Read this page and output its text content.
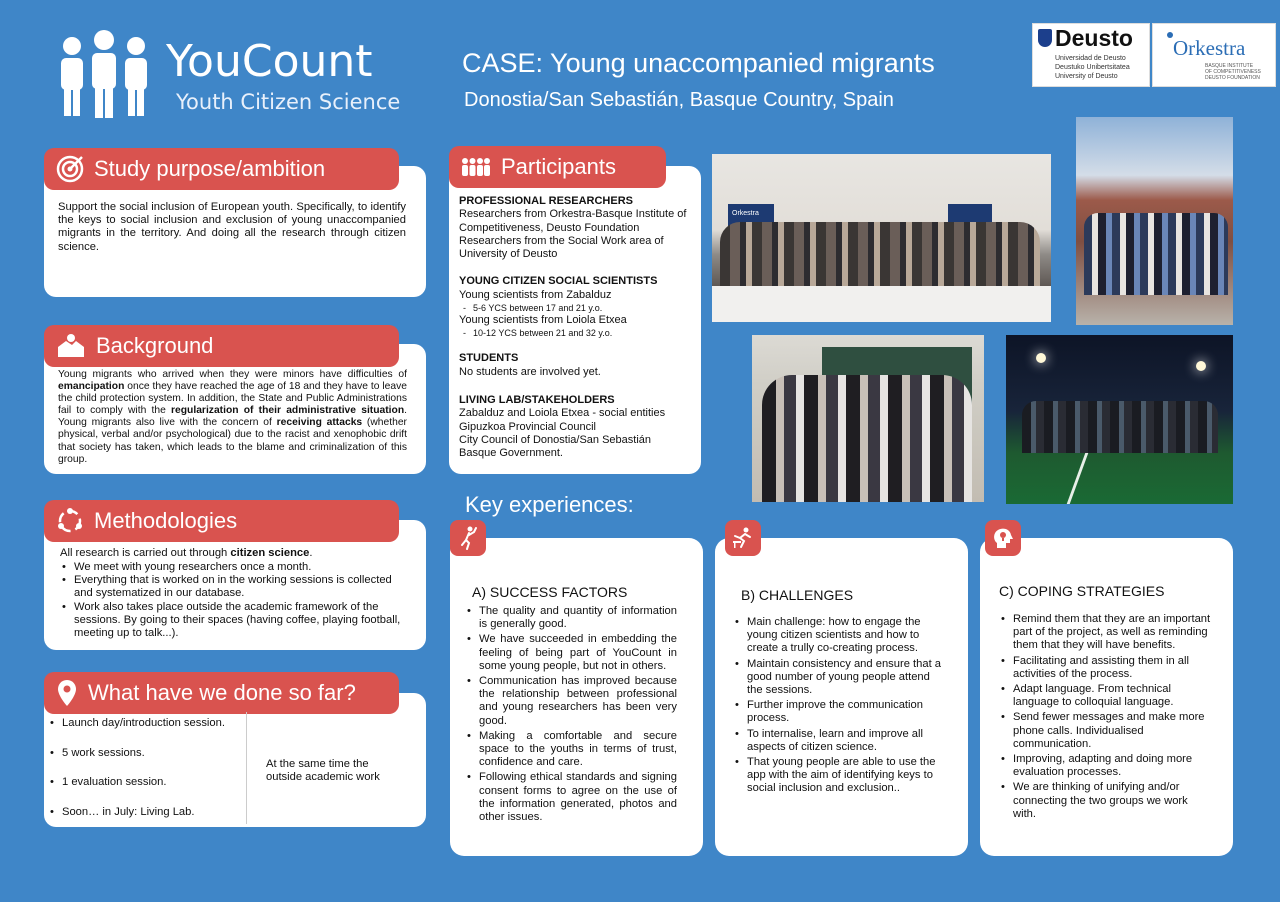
YouCount
Youth Citizen Science
CASE: Young unaccompanied migrants
Donostia/San Sebastián, Basque Country, Spain
Deusto
Universidad de Deusto
Deustuko Unibertsitatea
University of Deusto
Orkestra
BASQUE INSTITUTE
OF COMPETITIVENESS
DEUSTO FOUNDATION
Study purpose/ambition
Support the social inclusion of European youth. Specifically, to identify the keys to social inclusion and exclusion of young unaccompanied migrants in the territory. And doing all the research through citizen science.
Background
Young migrants who arrived when they were minors have difficulties of emancipation once they have reached the age of 18 and they have to leave the child protection system. In addition, the State and Public Administrations fail to comply with the regularization of their administrative situation. Young migrants also live with the concern of receiving attacks (whether physical, verbal and/or psychological) due to the racist and xenophobic drift that society has taken, which leads to the blame and criminalization of this group.
Methodologies
All research is carried out through citizen science.
• We meet with young researchers once a month.
• Everything that is worked on in the working sessions is collected and systematized in our database.
• Work also takes place outside the academic framework of the sessions. By going to their spaces (having coffee, playing football, meeting up to talk...).
What have we done so far?
• Launch day/introduction session.
• 5 work sessions.
• 1 evaluation session.
• Soon… in July: Living Lab.
At the same time the outside academic work
Participants
PROFESSIONAL RESEARCHERS
Researchers from Orkestra-Basque Institute of Competitiveness, Deusto Foundation Researchers from the Social Work area of University of Deusto
YOUNG CITIZEN SOCIAL SCIENTISTS
Young scientists from Zabalduz
- 5-6 YCS between 17 and 21 y.o.
Young scientists from Loiola Etxea
- 10-12 YCS between 21 and 32 y.o.
STUDENTS
No students are involved yet.
LIVING LAB/STAKEHOLDERS
Zabalduz and Loiola Etxea - social entities
Gipuzkoa Provincial Council
City Council of Donostia/San Sebastián
Basque Government.
Orkestra
Key experiences:
A) SUCCESS FACTORS
• The quality and quantity of information is generally good.
• We have succeeded in embedding the feeling of being part of YouCount in some young people, but not in others.
• Communication has improved because the relationship between professional and young researchers has been very good.
• Making a comfortable and secure space to the youths in terms of trust, confidence and care.
• Following ethical standards and signing consent forms to agree on the use of the information generated, photos and other issues.
B) CHALLENGES
• Main challenge: how to engage the young citizen scientists and how to create a trully co-creating process.
• Maintain consistency and ensure that a good number of young people attend the sessions.
• Further improve the communication process.
• To internalise, learn and improve all aspects of citizen science.
• That young people are able to use the app with the aim of identifying keys to social inclusion and exclusion..
C) COPING STRATEGIES
• Remind them that they are an important part of the project, as well as reminding them that they will have benefits.
• Facilitating and assisting them in all activities of the process.
• Adapt language. From technical language to colloquial language.
• Send fewer messages and make more phone calls. Individualised communication.
• Improving, adapting and doing more evaluation processes.
• We are thinking of unifying and/or connecting the two groups we work with.
